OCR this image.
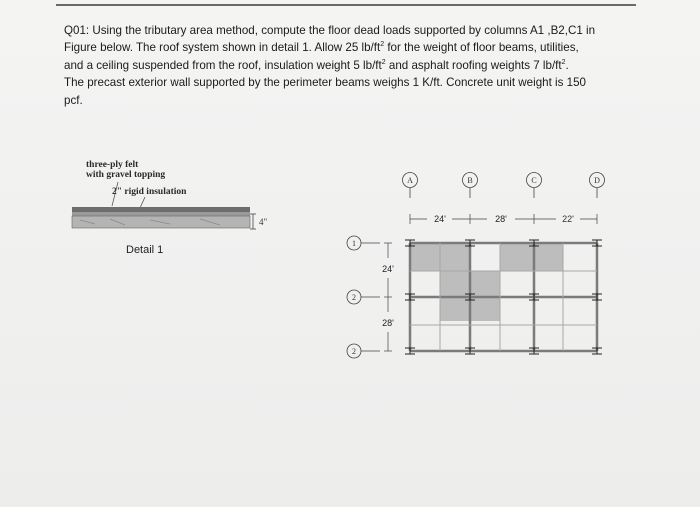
Q01: Using the tributary area method, compute the floor dead loads supported by columns A1 ,B2,C1 in
Figure below. The roof system shown in detail 1. Allow 25 $lb/ft^2$ for the weight of floor beams, utilities,
and a ceiling suspended from the roof, insulation weight 5 $lb/ft^2$ and asphalt roofing weights 7 $lb/ft^2$.
The precast exterior wall supported by the perimeter beams weighs 1 K/ft. Concrete unit weight is 150
pcf.
three-ply felt
with gravel topping
2" rigid insulation
Detail 1
4"
A	B	C	D
24'	28'	22'
1
2
2
24'
28'
